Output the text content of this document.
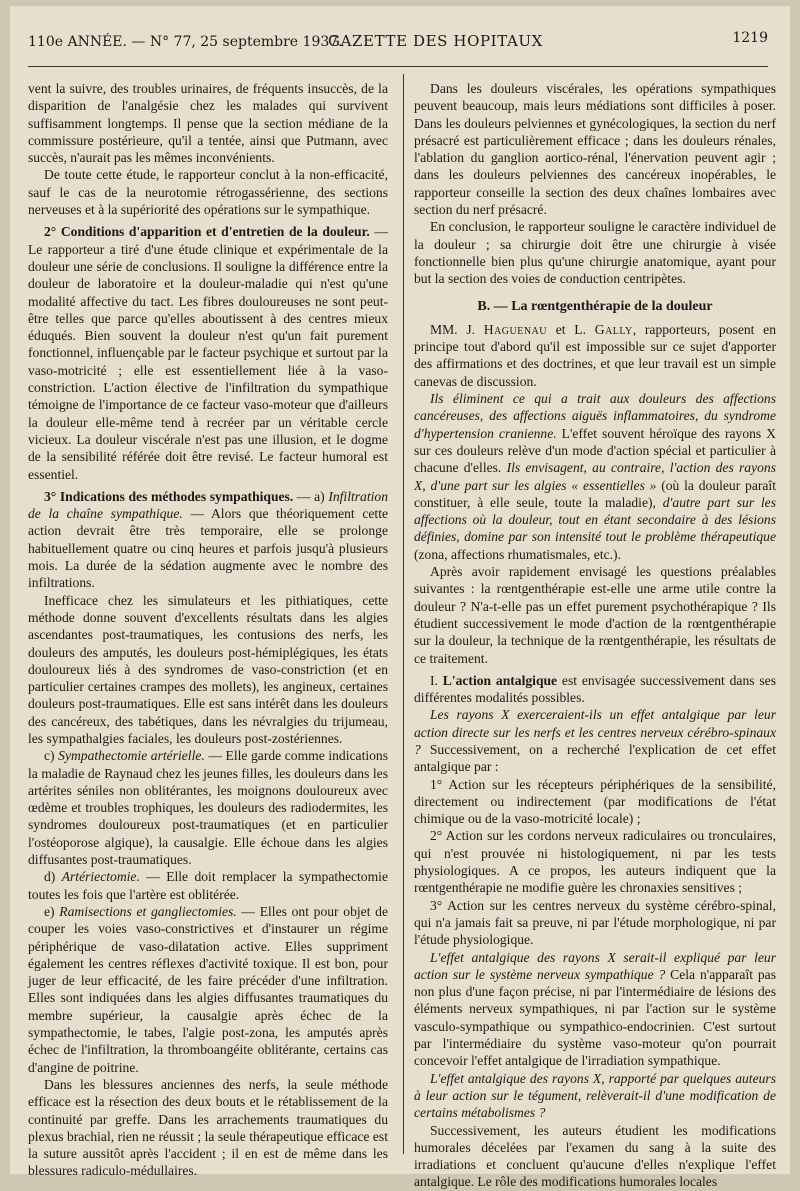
110e ANNÉE. — N° 77, 25 septembre 1937.
GAZETTE DES HOPITAUX	1219

vent la suivre, des troubles urinaires, de fréquents insuccès, de la disparition de l'analgésie chez les malades qui survivent suffisamment longtemps. Il pense que la section médiane de la commissure postérieure, qu'il a tentée, ainsi que Putmann, avec succès, n'aurait pas les mêmes inconvénients.

De toute cette étude, le rapporteur conclut à la non-efficacité, sauf le cas de la neurotomie rétrogassérienne, des sections nerveuses et à la supériorité des opérations sur le sympathique.

2° Conditions d'apparition et d'entretien de la douleur. — Le rapporteur a tiré d'une étude clinique et expérimentale de la douleur une série de conclusions. Il souligne la différence entre la douleur de laboratoire et la douleur-maladie qui n'est qu'une modalité affective du tact. Les fibres douloureuses ne sont peut-être telles que parce qu'elles aboutissent à des centres mieux éduqués. Bien souvent la douleur n'est qu'un fait purement fonctionnel, influençable par le facteur psychique et surtout par la vaso-motricité ; elle est essentiellement liée à la vaso-constriction. L'action élective de l'infiltration du sympathique témoigne de l'importance de ce facteur vaso-moteur que d'ailleurs la douleur elle-même tend à recréer par un véritable cercle vicieux. La douleur viscérale n'est pas une illusion, et le dogme de la sensibilité référée doit être revisé. Le facteur humoral est essentiel.

3° Indications des méthodes sympathiques. — a) Infiltration de la chaîne sympathique. — Alors que théoriquement cette action devrait être très temporaire, elle se prolonge habituellement quatre ou cinq heures et parfois jusqu'à plusieurs mois. La durée de la sédation augmente avec le nombre des infiltrations.

Inefficace chez les simulateurs et les pithiatiques, cette méthode donne souvent d'excellents résultats dans les algies ascendantes post-traumatiques, les contusions des nerfs, les douleurs des amputés, les douleurs post-hémiplégiques, les états douloureux liés à des syndromes de vaso-constriction (et en particulier certaines crampes des mollets), les angineux, certaines douleurs post-traumatiques. Elle est sans intérêt dans les douleurs des cancéreux, des tabétiques, dans les névralgies du trijumeau, les sympathalgies faciales, les douleurs post-zostériennes.

c) Sympathectomie artérielle. — Elle garde comme indications la maladie de Raynaud chez les jeunes filles, les douleurs dans les artérites séniles non oblitérantes, les moignons douloureux avec œdème et troubles trophiques, les douleurs des radiodermites, les syndromes douloureux post-traumatiques (et en particulier l'ostéoporose algique), la causalgie. Elle échoue dans les algies diffusantes post-traumatiques.

d) Artériectomie. — Elle doit remplacer la sympathectomie toutes les fois que l'artère est oblitérée.

e) Ramisections et gangliectomies. — Elles ont pour objet de couper les voies vaso-constrictives et d'instaurer un régime périphérique de vaso-dilatation active. Elles suppriment également les centres réflexes d'activité toxique. Il est bon, pour juger de leur efficacité, de les faire précéder d'une infiltration. Elles sont indiquées dans les algies diffusantes traumatiques du membre supérieur, la causalgie après échec de la sympathectomie, le tabes, l'algie post-zona, les amputés après échec de l'infiltration, la thromboangéite oblitérante, certains cas d'angine de poitrine.

Dans les blessures anciennes des nerfs, la seule méthode efficace est la résection des deux bouts et le rétablissement de la continuité par greffe. Dans les arrachements traumatiques du plexus brachial, rien ne réussit ; la seule thérapeutique efficace est la suture aussitôt après l'accident ; il en est de même dans les blessures radiculo-médullaires.

Dans les douleurs viscérales, les opérations sympathiques peuvent beaucoup, mais leurs médiations sont difficiles à poser. Dans les douleurs pelviennes et gynécologiques, la section du nerf présacré est particulièrement efficace ; dans les douleurs rénales, l'ablation du ganglion aortico-rénal, l'énervation peuvent agir ; dans les douleurs pelviennes des cancéreux inopérables, le rapporteur conseille la section des deux chaînes lombaires avec section du nerf présacré.

En conclusion, le rapporteur souligne le caractère individuel de la douleur ; sa chirurgie doit être une chirurgie à visée fonctionnelle bien plus qu'une chirurgie anatomique, ayant pour but la section des voies de conduction centripètes.

B. — La rœntgenthérapie de la douleur

MM. J. Haguenau et L. Gally, rapporteurs, posent en principe tout d'abord qu'il est impossible sur ce sujet d'apporter des affirmations et des doctrines, et que leur travail est un simple canevas de discussion.

Ils éliminent ce qui a trait aux douleurs des affections cancéreuses, des affections aiguës inflammatoires, du syndrome d'hypertension cranienne. L'effet souvent héroïque des rayons X sur ces douleurs relève d'un mode d'action spécial et particulier à chacune d'elles. Ils envisagent, au contraire, l'action des rayons X, d'une part sur les algies « essentielles » (où la douleur paraît constituer, à elle seule, toute la maladie), d'autre part sur les affections où la douleur, tout en étant secondaire à des lésions définies, domine par son intensité tout le problème thérapeutique (zona, affections rhumatismales, etc.).

Après avoir rapidement envisagé les questions préalables suivantes : la rœntgenthérapie est-elle une arme utile contre la douleur ? N'a-t-elle pas un effet purement psychothérapique ? Ils étudient successivement le mode d'action de la rœntgenthérapie sur la douleur, la technique de la rœntgenthérapie, les résultats de ce traitement.

I. L'action antalgique est envisagée successivement dans ses différentes modalités possibles.

Les rayons X exerceraient-ils un effet antalgique par leur action directe sur les nerfs et les centres nerveux cérébro-spinaux ? Successivement, on a recherché l'explication de cet effet antalgique par :

1° Action sur les récepteurs périphériques de la sensibilité, directement ou indirectement (par modifications de l'état chimique ou de la vaso-motricité locale) ;

2° Action sur les cordons nerveux radiculaires ou tronculaires, qui n'est prouvée ni histologiquement, ni par les tests physiologiques. A ce propos, les auteurs indiquent que la rœntgenthérapie ne modifie guère les chronaxies sensitives ;

3° Action sur les centres nerveux du système cérébro-spinal, qui n'a jamais fait sa preuve, ni par l'étude morphologique, ni par l'étude physiologique.

L'effet antalgique des rayons X serait-il expliqué par leur action sur le système nerveux sympathique ? Cela n'apparaît pas non plus d'une façon précise, ni par l'intermédiaire de lésions des éléments nerveux sympathiques, ni par l'action sur le système vasculo-sympathique ou sympathico-endocrinien. C'est surtout par l'intermédiaire du système vaso-moteur qu'on pourrait concevoir l'effet antalgique de l'irradiation sympathique.

L'effet antalgique des rayons X, rapporté par quelques auteurs à leur action sur le tégument, relèverait-il d'une modification de certains métabolismes ?

Successivement, les auteurs étudient les modifications humorales décelées par l'examen du sang à la suite des irradiations et concluent qu'aucune d'elles n'explique l'effet antalgique. Le rôle des modifications humorales locales
